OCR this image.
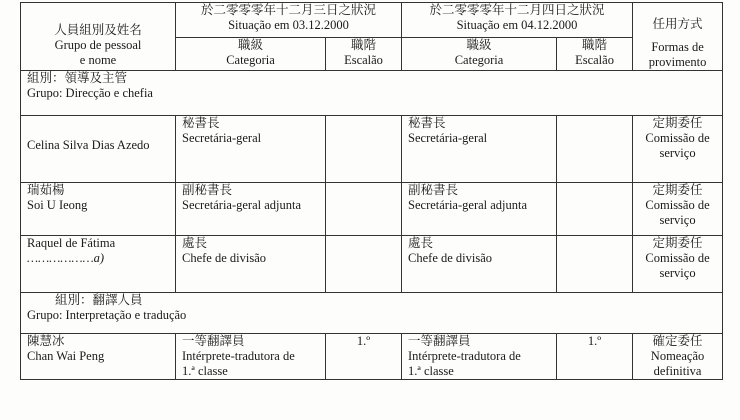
人員組別及姓名
Grupo de pessoal
e nome	於二零零零年十二月三日之狀況
Situação em 03.12.2000		於二零零零年十二月四日之狀況
Situação em 04.12.2000		任用方式
Formas de
provimento

	職級
Categoria	職階
Escalão	職級
Categoria	職階
Escalão	

組別：領導及主管
Grupo: Direcção e chefia					

Celina Silva Dias Azedo	秘書長
Secretária-geral		秘書長
Secretária-geral		定期委任
Comissão de
serviço

瑞茹楊
Soi U Ieong	副秘書長
Secretária-geral adjunta		副秘書長
Secretária-geral adjunta		定期委任
Comissão de
serviço

Raquel de Fátima
………………a)	處長
Chefe de divisão		處長
Chefe de divisão		定期委任
Comissão de
serviço

組別：翻譯人員
Grupo: Interpretação e tradução					

陳慧冰
Chan Wai Peng	一等翻譯員
Intérprete-tradutora de
1.ª classe	1.º	一等翻譯員
Intérprete-tradutora de
1.ª classe	1.º	確定委任
Nomeação
definitiva
